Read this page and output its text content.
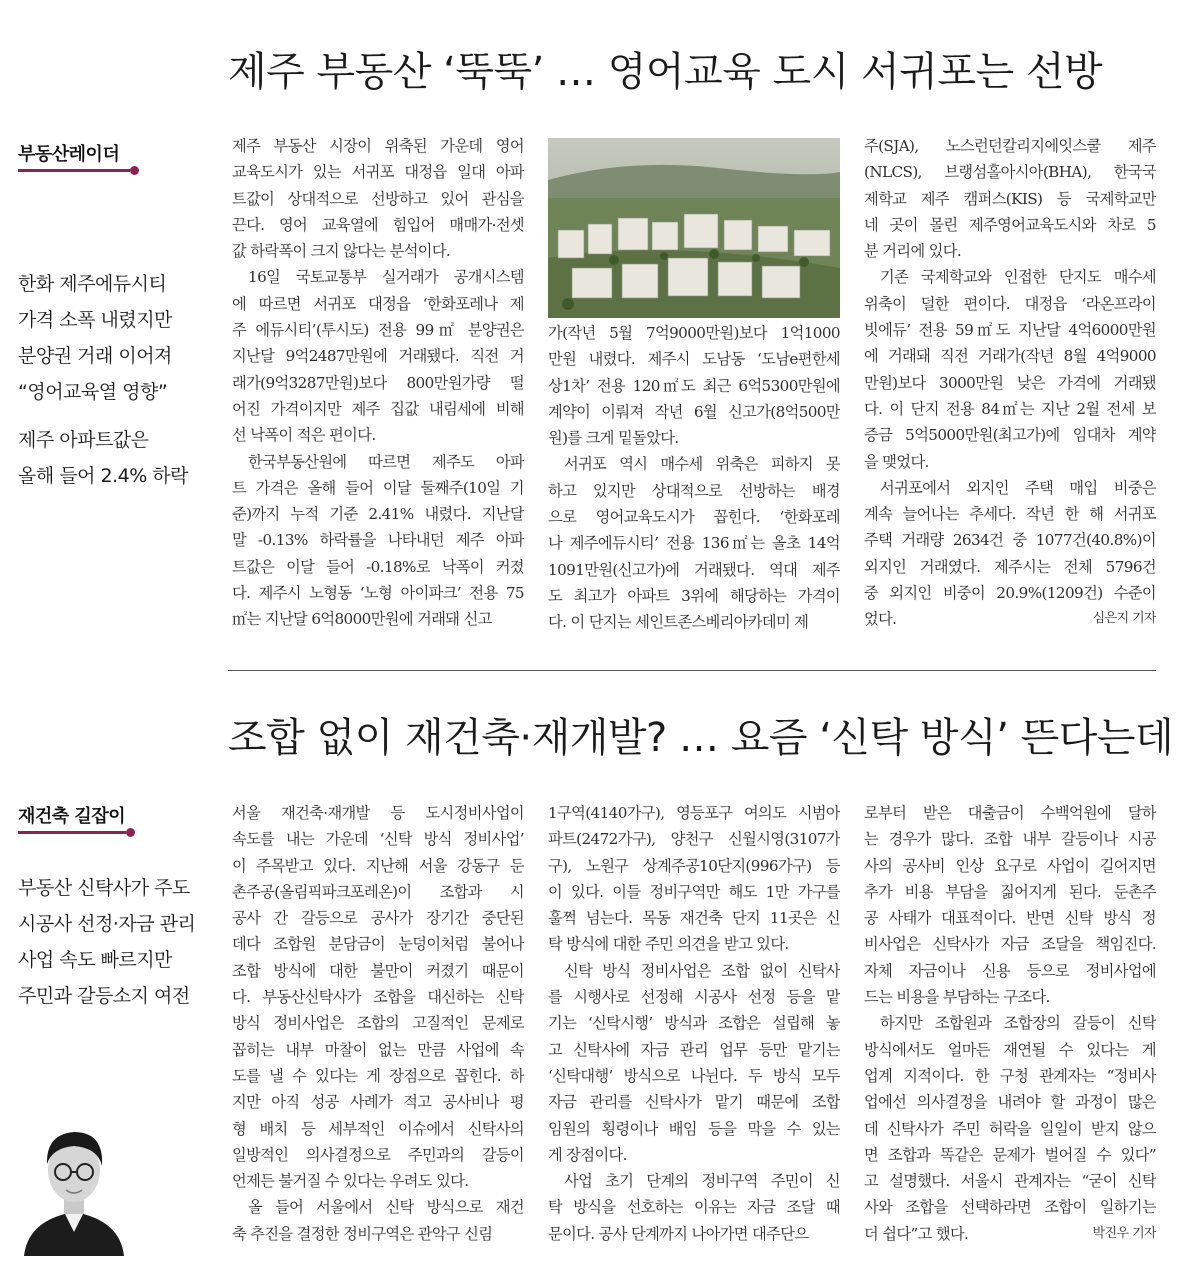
제주 부동산 ‘뚝뚝’ … 영어교육 도시 서귀포는 선방
부동산레이더

한화 제주에듀시티

가격 소폭 내렸지만

분양권 거래 이어져

“영어교육열 영향”

제주 아파트값은

올해 들어 2.4% 하락

제주 부동산 시장이 위축된 가운데 영어
교육도시가 있는 서귀포 대정읍 일대 아파
트값이 상대적으로 선방하고 있어 관심을
끈다. 영어 교육열에 힘입어 매매가·전셋
값 하락폭이 크지 않다는 분석이다.
16일 국토교통부 실거래가 공개시스템
에 따르면 서귀포 대정읍 ‘한화포레나 제
주 에듀시티’(투시도) 전용 99㎡ 분양권은
지난달 9억2487만원에 거래됐다. 직전 거
래가(9억3287만원)보다 800만원가량 떨
어진 가격이지만 제주 집값 내림세에 비해
선 낙폭이 적은 편이다.
한국부동산원에 따르면 제주도 아파
트 가격은 올해 들어 이달 둘째주(10일 기
준)까지 누적 기준 2.41% 내렸다. 지난달
말 -0.13% 하락률을 나타내던 제주 아파
트값은 이달 들어 -0.18%로 낙폭이 커졌
다. 제주시 노형동 ‘노형 아이파크’ 전용 75
㎡는 지난달 6억8000만원에 거래돼 신고
가(작년 5월 7억9000만원)보다 1억1000
만원 내렸다. 제주시 도남동 ‘도남e편한세
상1차’ 전용 120㎡도 최근 6억5300만원에
계약이 이뤄져 작년 6월 신고가(8억500만
원)를 크게 밑돌았다.
서귀포 역시 매수세 위축은 피하지 못
하고 있지만 상대적으로 선방하는 배경
으로 영어교육도시가 꼽힌다. ‘한화포레
나 제주에듀시티’ 전용 136㎡는 올초 14억
1091만원(신고가)에 거래됐다. 역대 제주
도 최고가 아파트 3위에 해당하는 가격이
다. 이 단지는 세인트존스베리아카데미 제
주(SJA), 노스런던칼리지에잇스쿨 제주
(NLCS), 브랭섬홀아시아(BHA), 한국국
제학교 제주 캠퍼스(KIS) 등 국제학교만
네 곳이 몰린 제주영어교육도시와 차로 5
분 거리에 있다.
기존 국제학교와 인접한 단지도 매수세
위축이 덜한 편이다. 대정읍 ‘라온프라이
빗에듀’ 전용 59㎡도 지난달 4억6000만원
에 거래돼 직전 거래가(작년 8월 4억9000
만원)보다 3000만원 낮은 가격에 거래됐
다. 이 단지 전용 84㎡는 지난 2월 전세 보
증금 5억5000만원(최고가)에 임대차 계약
을 맺었다.
서귀포에서 외지인 주택 매입 비중은
계속 늘어나는 추세다. 작년 한 해 서귀포
주택 거래량 2634건 중 1077건(40.8%)이
외지인 거래였다. 제주시는 전체 5796건
중 외지인 비중이 20.9%(1209건) 수준이
었다.	심은지 기자
조합 없이 재건축·재개발? … 요즘 ‘신탁 방식’ 뜬다는데
재건축 길잡이

부동산 신탁사가 주도

시공사 선정·자금 관리

사업 속도 빠르지만

주민과 갈등소지 여전

서울 재건축·재개발 등 도시정비사업이
속도를 내는 가운데 ‘신탁 방식 정비사업’
이 주목받고 있다. 지난해 서울 강동구 둔
촌주공(올림픽파크포레온)이 조합과 시
공사 간 갈등으로 공사가 장기간 중단된
데다 조합원 분담금이 눈덩이처럼 불어나
조합 방식에 대한 불만이 커졌기 때문이
다. 부동산신탁사가 조합을 대신하는 신탁
방식 정비사업은 조합의 고질적인 문제로
꼽히는 내부 마찰이 없는 만큼 사업에 속
도를 낼 수 있다는 게 장점으로 꼽힌다. 하
지만 아직 성공 사례가 적고 공사비나 평
형 배치 등 세부적인 이슈에서 신탁사의
일방적인 의사결정으로 주민과의 갈등이
언제든 불거질 수 있다는 우려도 있다.
올 들어 서울에서 신탁 방식으로 재건
축 추진을 결정한 정비구역은 관악구 신림
1구역(4140가구), 영등포구 여의도 시범아
파트(2472가구), 양천구 신월시영(3107가
구), 노원구 상계주공10단지(996가구) 등
이 있다. 이들 정비구역만 해도 1만 가구를
훌쩍 넘는다. 목동 재건축 단지 11곳은 신
탁 방식에 대한 주민 의견을 받고 있다.
신탁 방식 정비사업은 조합 없이 신탁사
를 시행사로 선정해 시공사 선정 등을 맡
기는 ‘신탁시행’ 방식과 조합은 설립해 놓
고 신탁사에 자금 관리 업무 등만 맡기는
‘신탁대행’ 방식으로 나뉜다. 두 방식 모두
자금 관리를 신탁사가 맡기 때문에 조합
임원의 횡령이나 배임 등을 막을 수 있는
게 장점이다.
사업 초기 단계의 정비구역 주민이 신
탁 방식을 선호하는 이유는 자금 조달 때
문이다. 공사 단계까지 나아가면 대주단으
로부터 받은 대출금이 수백억원에 달하
는 경우가 많다. 조합 내부 갈등이나 시공
사의 공사비 인상 요구로 사업이 길어지면
추가 비용 부담을 짊어지게 된다. 둔촌주
공 사태가 대표적이다. 반면 신탁 방식 정
비사업은 신탁사가 자금 조달을 책임진다.
자체 자금이나 신용 등으로 정비사업에
드는 비용을 부담하는 구조다.
하지만 조합원과 조합장의 갈등이 신탁
방식에서도 얼마든 재연될 수 있다는 게
업계 지적이다. 한 구청 관계자는 “정비사
업에선 의사결정을 내려야 할 과정이 많은
데 신탁사가 주민 허락을 일일이 받지 않으
면 조합과 똑같은 문제가 벌어질 수 있다”
고 설명했다. 서울시 관계자는 “굳이 신탁
사와 조합을 선택하라면 조합이 일하기는
더 쉽다”고 했다.	박진우 기자
